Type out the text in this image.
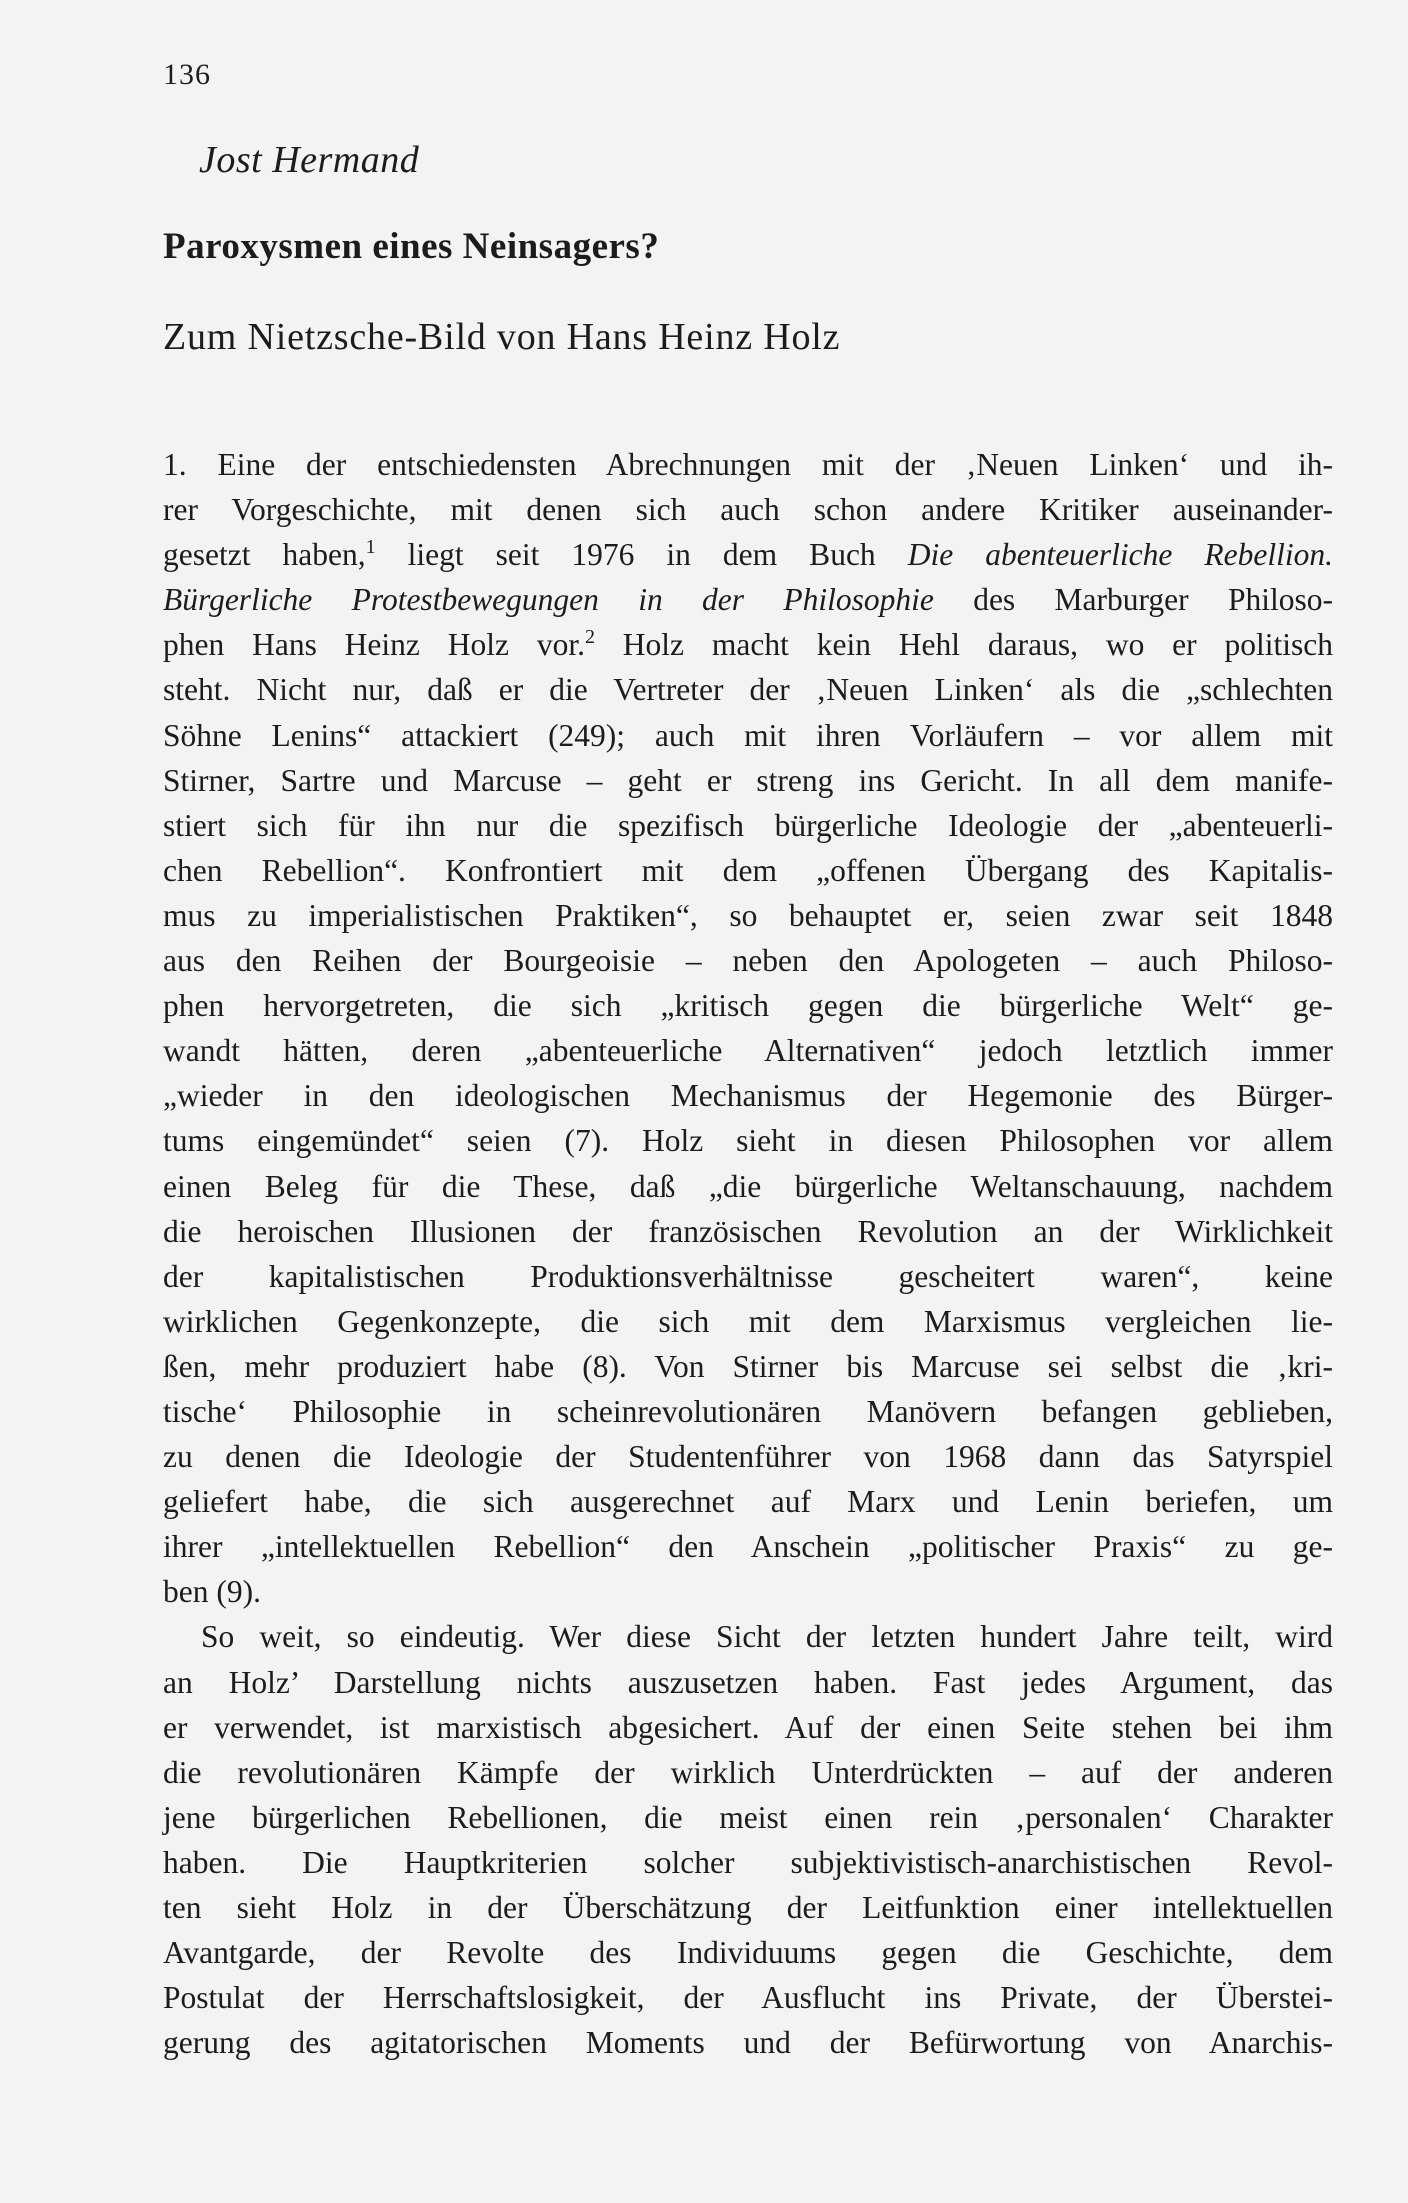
136
Jost Hermand
Paroxysmen eines Neinsagers?
Zum Nietzsche-Bild von Hans Heinz Holz
1. Eine der entschiedensten Abrechnungen mit der ‚Neuen Linken‘ und ih-
rer Vorgeschichte, mit denen sich auch schon andere Kritiker auseinander-
gesetzt haben,$^1$ liegt seit 1976 in dem Buch Die abenteuerliche Rebellion.
Bürgerliche Protestbewegungen in der Philosophie des Marburger Philoso-
phen Hans Heinz Holz vor.$^2$ Holz macht kein Hehl daraus, wo er politisch
steht. Nicht nur, daß er die Vertreter der ‚Neuen Linken‘ als die „schlechten
Söhne Lenins“ attackiert (249); auch mit ihren Vorläufern – vor allem mit
Stirner, Sartre und Marcuse – geht er streng ins Gericht. In all dem manife-
stiert sich für ihn nur die spezifisch bürgerliche Ideologie der „abenteuerli-
chen Rebellion“. Konfrontiert mit dem „offenen Übergang des Kapitalis-
mus zu imperialistischen Praktiken“, so behauptet er, seien zwar seit 1848
aus den Reihen der Bourgeoisie – neben den Apologeten – auch Philoso-
phen hervorgetreten, die sich „kritisch gegen die bürgerliche Welt“ ge-
wandt hätten, deren „abenteuerliche Alternativen“ jedoch letztlich immer
„wieder in den ideologischen Mechanismus der Hegemonie des Bürger-
tums eingemündet“ seien (7). Holz sieht in diesen Philosophen vor allem
einen Beleg für die These, daß „die bürgerliche Weltanschauung, nachdem
die heroischen Illusionen der französischen Revolution an der Wirklichkeit
der kapitalistischen Produktionsverhältnisse gescheitert waren“, keine
wirklichen Gegenkonzepte, die sich mit dem Marxismus vergleichen lie-
ßen, mehr produziert habe (8). Von Stirner bis Marcuse sei selbst die ‚kri-
tische‘ Philosophie in scheinrevolutionären Manövern befangen geblieben,
zu denen die Ideologie der Studentenführer von 1968 dann das Satyrspiel
geliefert habe, die sich ausgerechnet auf Marx und Lenin beriefen, um
ihrer „intellektuellen Rebellion“ den Anschein „politischer Praxis“ zu ge-
ben (9).
So weit, so eindeutig. Wer diese Sicht der letzten hundert Jahre teilt, wird
an Holz’ Darstellung nichts auszusetzen haben. Fast jedes Argument, das
er verwendet, ist marxistisch abgesichert. Auf der einen Seite stehen bei ihm
die revolutionären Kämpfe der wirklich Unterdrückten – auf der anderen
jene bürgerlichen Rebellionen, die meist einen rein ‚personalen‘ Charakter
haben. Die Hauptkriterien solcher subjektivistisch-anarchistischen Revol-
ten sieht Holz in der Überschätzung der Leitfunktion einer intellektuellen
Avantgarde, der Revolte des Individuums gegen die Geschichte, dem
Postulat der Herrschaftslosigkeit, der Ausflucht ins Private, der Überstei-
gerung des agitatorischen Moments und der Befürwortung von Anarchis-
